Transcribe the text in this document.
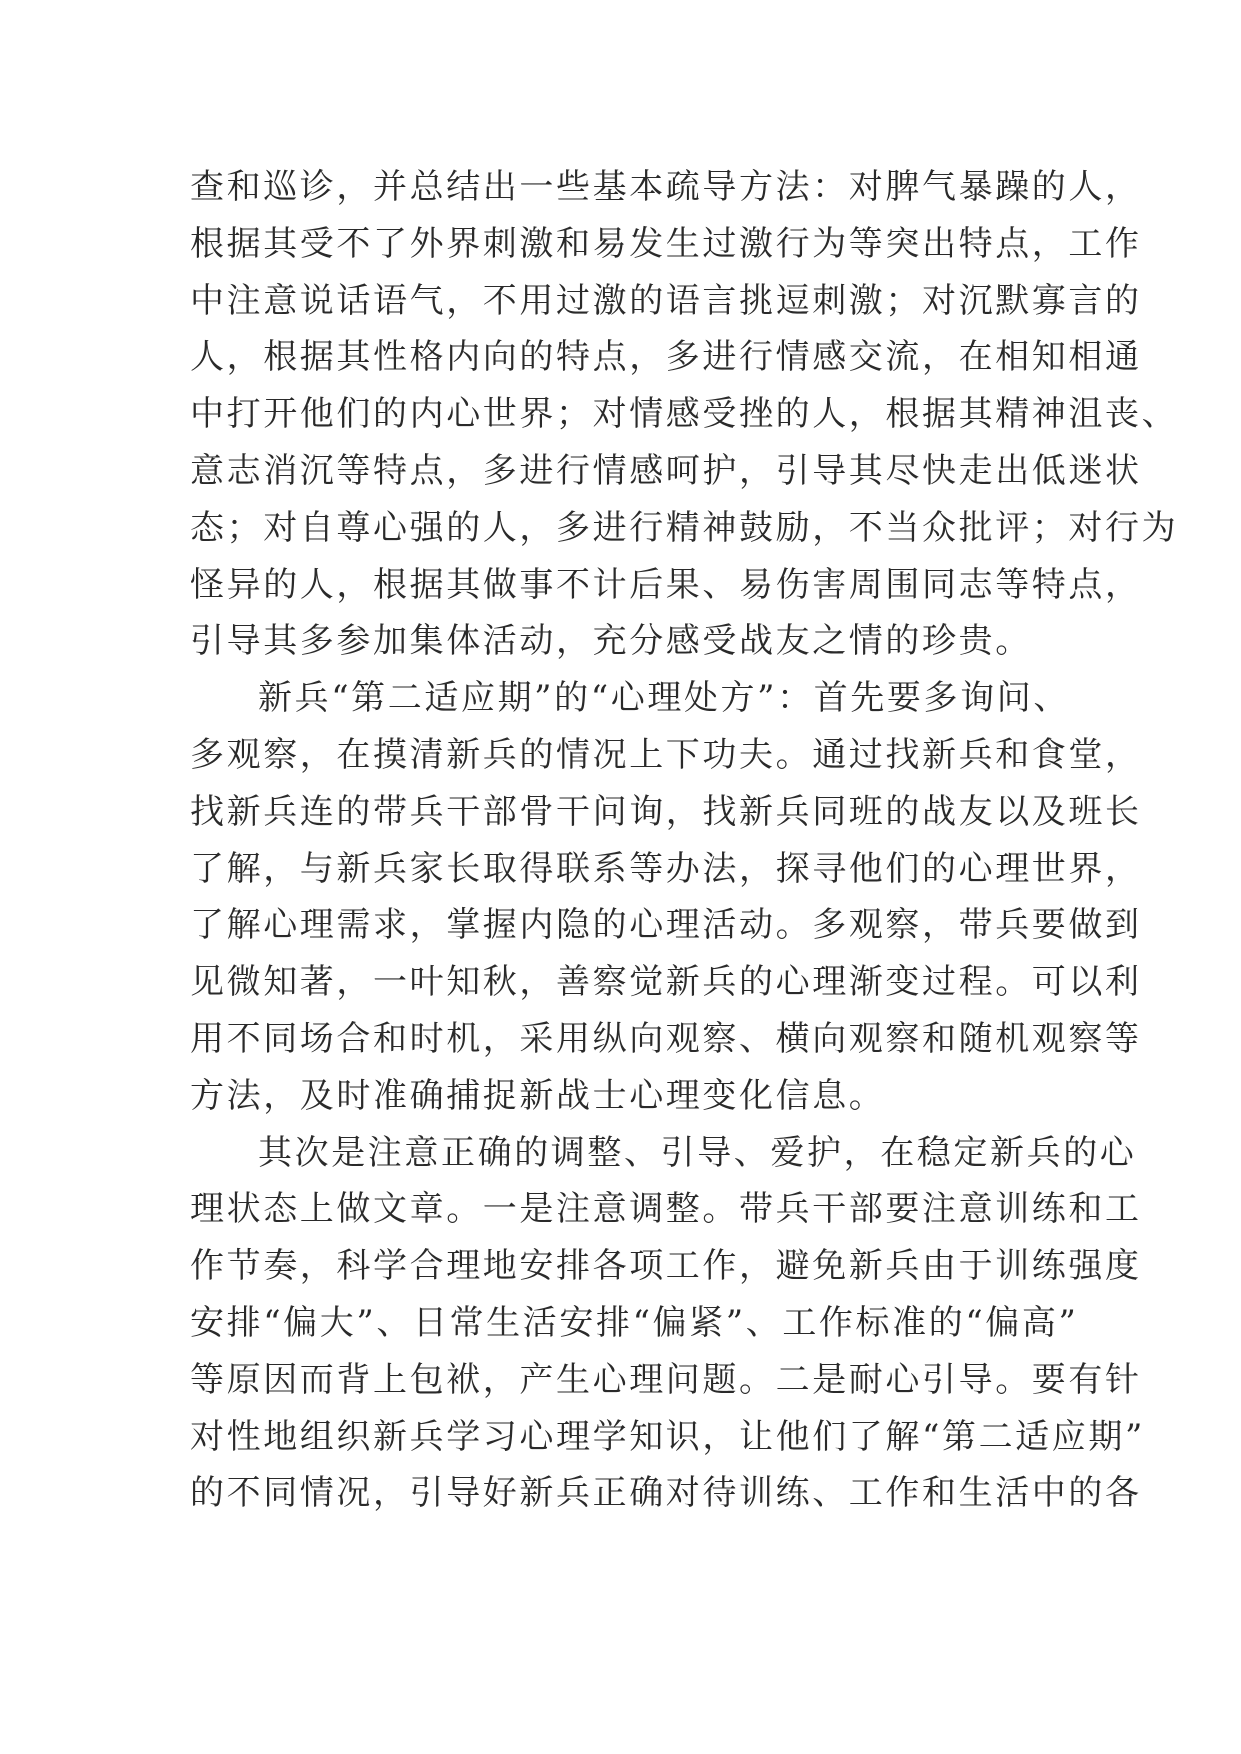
查和巡诊，并总结出一些基本疏导方法：对脾气暴躁的人，
根据其受不了外界刺激和易发生过激行为等突出特点，工作
中注意说话语气，不用过激的语言挑逗刺激；对沉默寡言的
人，根据其性格内向的特点，多进行情感交流，在相知相通
中打开他们的内心世界；对情感受挫的人，根据其精神沮丧、
意志消沉等特点，多进行情感呵护，引导其尽快走出低迷状
态；对自尊心强的人，多进行精神鼓励，不当众批评；对行为
怪异的人，根据其做事不计后果、易伤害周围同志等特点，
引导其多参加集体活动，充分感受战友之情的珍贵。
新兵“第二适应期”的“心理处方”：首先要多询问、
多观察，在摸清新兵的情况上下功夫。通过找新兵和食堂，
找新兵连的带兵干部骨干问询，找新兵同班的战友以及班长
了解，与新兵家长取得联系等办法，探寻他们的心理世界，
了解心理需求，掌握内隐的心理活动。多观察，带兵要做到
见微知著，一叶知秋，善察觉新兵的心理渐变过程。可以利
用不同场合和时机，采用纵向观察、横向观察和随机观察等
方法，及时准确捕捉新战士心理变化信息。
其次是注意正确的调整、引导、爱护，在稳定新兵的心
理状态上做文章。一是注意调整。带兵干部要注意训练和工
作节奏，科学合理地安排各项工作，避免新兵由于训练强度
安排“偏大”、日常生活安排“偏紧”、工作标准的“偏高”
等原因而背上包袱，产生心理问题。二是耐心引导。要有针
对性地组织新兵学习心理学知识，让他们了解“第二适应期”
的不同情况，引导好新兵正确对待训练、工作和生活中的各
